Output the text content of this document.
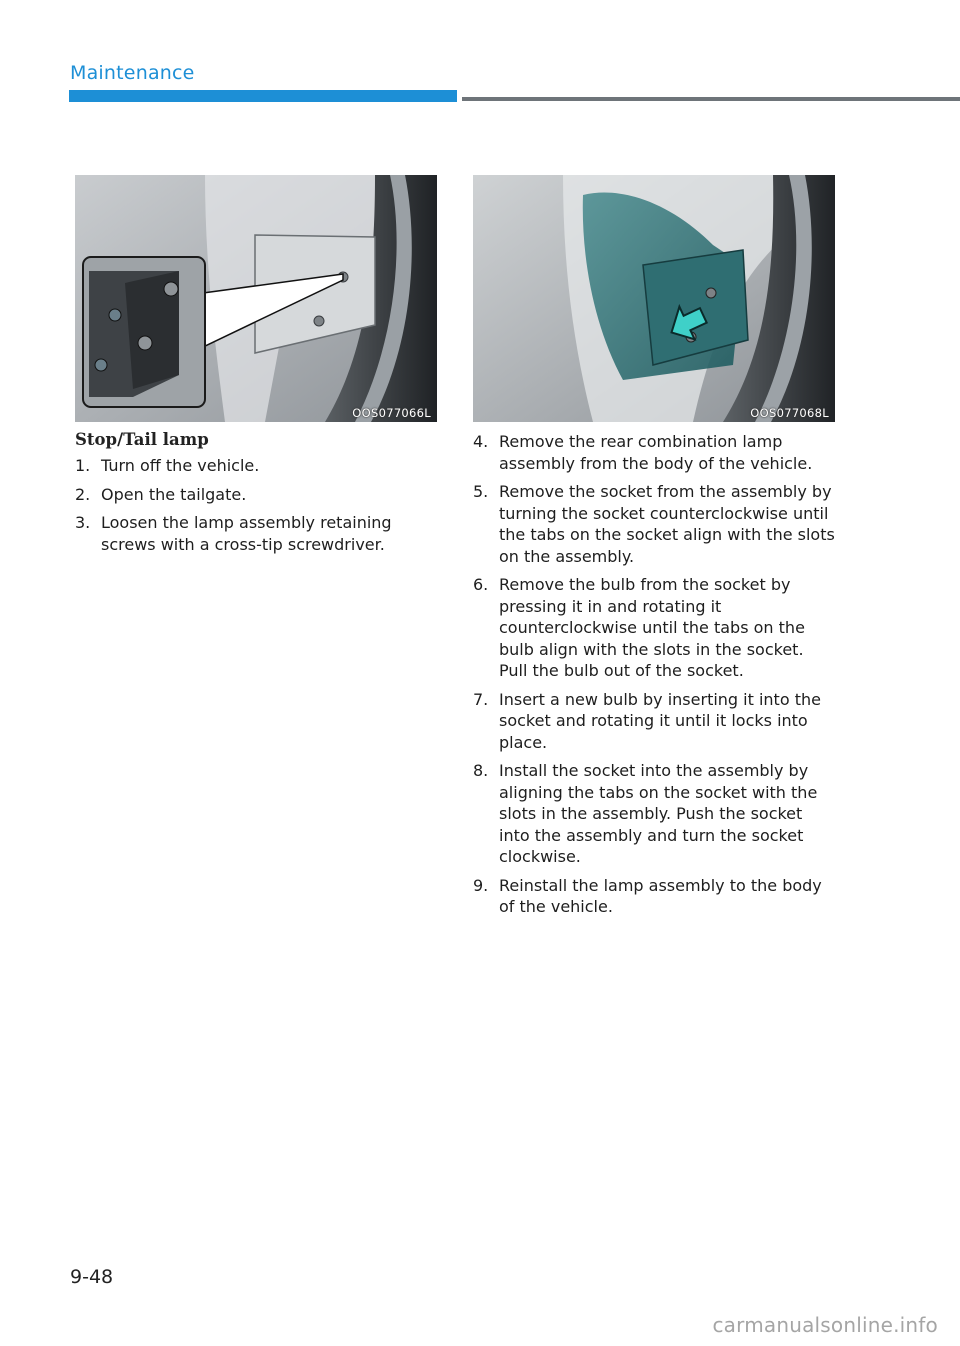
Maintenance
OOS077066L	OOS077068L
Stop/Tail lamp
1. Turn off the vehicle.
2. Open the tailgate.
3. Loosen the lamp assembly retaining screws with a cross-tip screwdriver.
4. Remove the rear combination lamp assembly from the body of the vehicle.
5. Remove the socket from the assembly by turning the socket counterclockwise until the tabs on the socket align with the slots on the assembly.
6. Remove the bulb from the socket by pressing it in and rotating it counterclockwise until the tabs on the bulb align with the slots in the socket. Pull the bulb out of the socket.
7. Insert a new bulb by inserting it into the socket and rotating it until it locks into place.
8. Install the socket into the assembly by aligning the tabs on the socket with the slots in the assembly. Push the socket into the assembly and turn the socket clockwise.
9. Reinstall the lamp assembly to the body of the vehicle.
9-48
carmanualsonline.info
